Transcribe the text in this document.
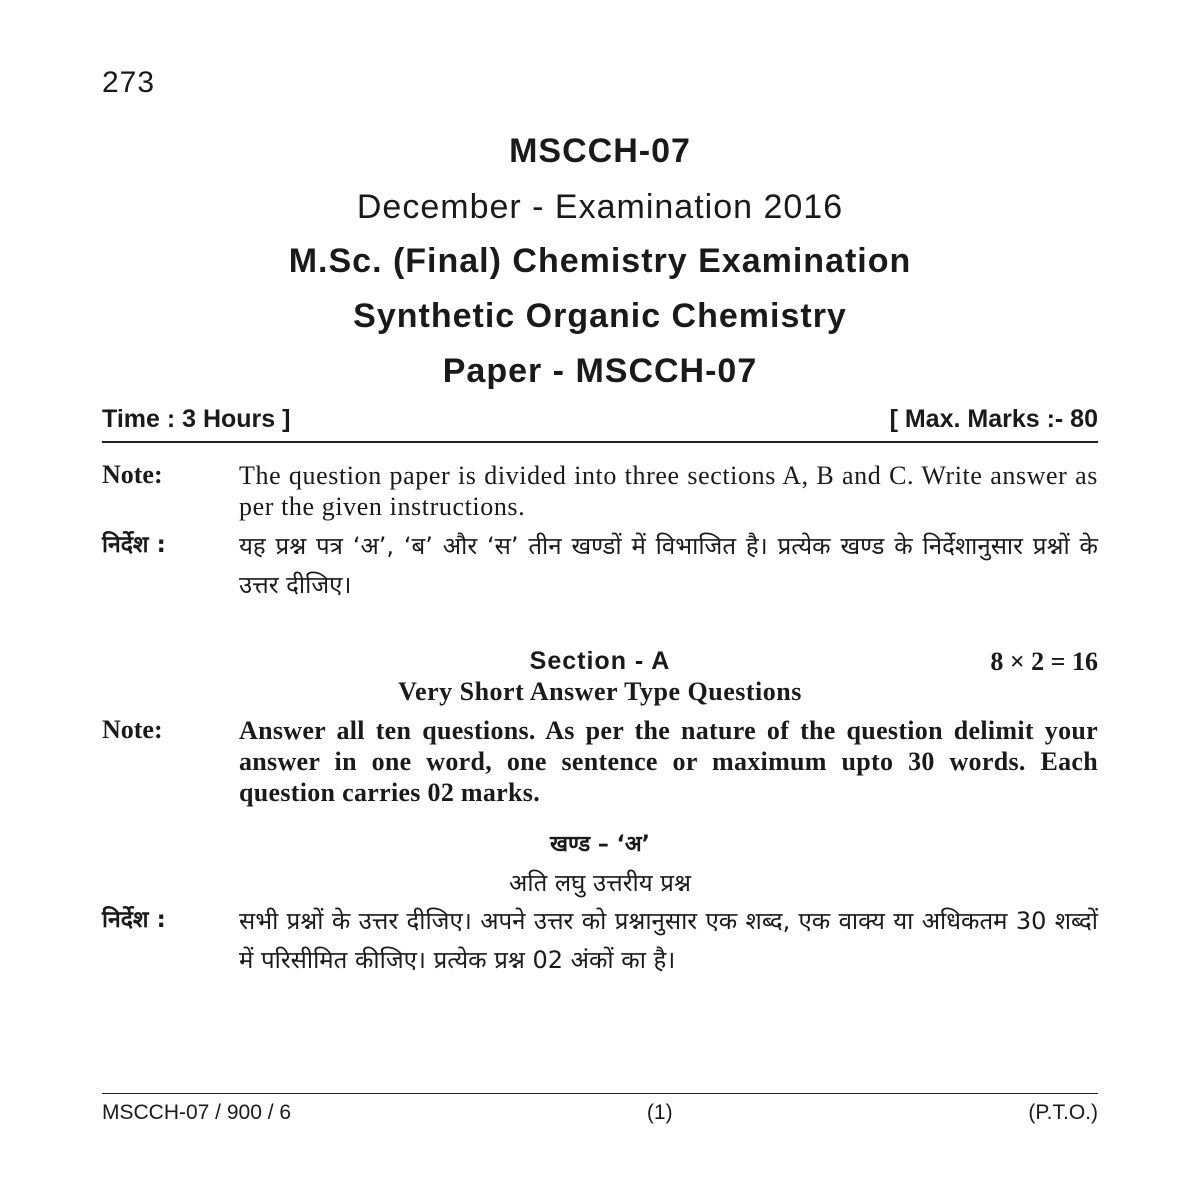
273
MSCCH-07
December - Examination 2016
M.Sc. (Final) Chemistry Examination
Synthetic Organic Chemistry
Paper - MSCCH-07
Time : 3 Hours ]	[ Max. Marks :- 80
Note:	The question paper is divided into three sections A, B and C. Write answer as per the given instructions.
निर्देश :	यह प्रश्न पत्र ‘अ’, ‘ब’ और ‘स’ तीन खण्डों में विभाजित है। प्रत्येक खण्ड के निर्देशानुसार प्रश्नों के उत्तर दीजिए।
Section - A	8 × 2 = 16
Very Short Answer Type Questions
Note:	Answer all ten questions. As per the nature of the question delimit your answer in one word, one sentence or maximum upto 30 words. Each question carries 02 marks.
खण्ड – ‘अ’
अति लघु उत्तरीय प्रश्न
निर्देश :	सभी प्रश्नों के उत्तर दीजिए। अपने उत्तर को प्रश्नानुसार एक शब्द, एक वाक्य या अधिकतम 30 शब्दों में परिसीमित कीजिए। प्रत्येक प्रश्न 02 अंकों का है।
MSCCH-07 / 900 / 6	(1)	(P.T.O.)
